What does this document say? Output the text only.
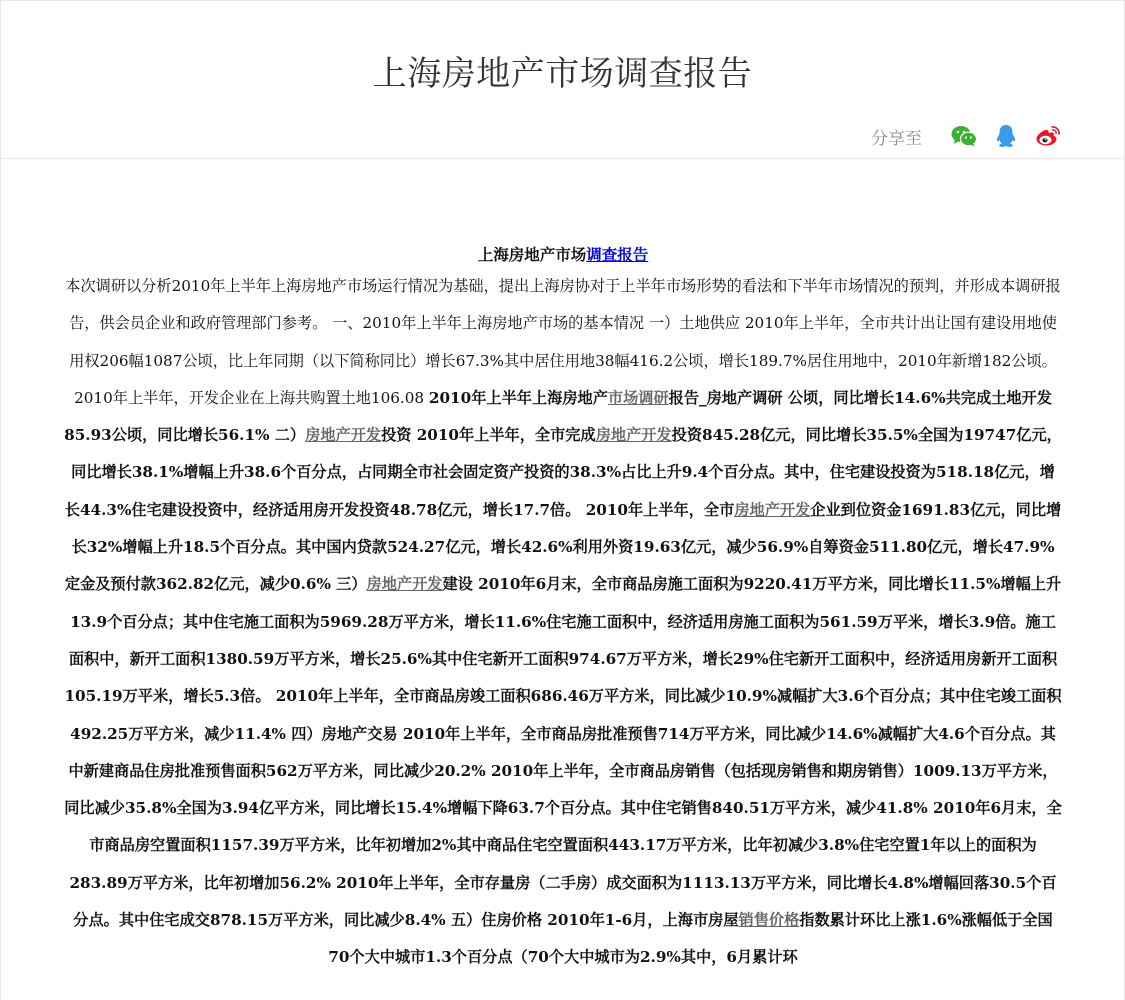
上海房地产市场调查报告
分享至

上海房地产市场调查报告

本次调研以分析2010年上半年上海房地产市场运行情况为基础，提出上海房协对于上半年市场形势的看法和下半年市场情况的预判，并形成本调研报告，供会员企业和政府管理部门参考。 一、2010年上半年上海房地产市场的基本情况 一）土地供应 2010年上半年，全市共计出让国有建设用地使用权206幅1087公顷，比上年同期（以下简称同比）增长67.3%其中居住用地38幅416.2公顷，增长189.7%居住用地中，2010年新增182公顷。 2010年上半年，开发企业在上海共购置土地106.08 2010年上半年上海房地产市场调研报告_房地产调研 公顷，同比增长14.6%共完成土地开发85.93公顷，同比增长56.1% 二）房地产开发投资 2010年上半年，全市完成房地产开发投资845.28亿元，同比增长35.5%全国为19747亿元，同比增长38.1%增幅上升38.6个百分点，占同期全市社会固定资产投资的38.3%占比上升9.4个百分点。其中，住宅建设投资为518.18亿元，增长44.3%住宅建设投资中，经济适用房开发投资48.78亿元，增长17.7倍。 2010年上半年，全市房地产开发企业到位资金1691.83亿元，同比增长32%增幅上升18.5个百分点。其中国内贷款524.27亿元，增长42.6%利用外资19.63亿元，减少56.9%自筹资金511.80亿元，增长47.9%定金及预付款362.82亿元，减少0.6% 三）房地产开发建设 2010年6月末，全市商品房施工面积为9220.41万平方米，同比增长11.5%增幅上升13.9个百分点；其中住宅施工面积为5969.28万平方米，增长11.6%住宅施工面积中，经济适用房施工面积为561.59万平米，增长3.9倍。施工面积中，新开工面积1380.59万平方米，增长25.6%其中住宅新开工面积974.67万平方米，增长29%住宅新开工面积中，经济适用房新开工面积105.19万平米，增长5.3倍。 2010年上半年，全市商品房竣工面积686.46万平方米，同比减少10.9%减幅扩大3.6个百分点；其中住宅竣工面积492.25万平方米，减少11.4% 四）房地产交易 2010年上半年，全市商品房批准预售714万平方米，同比减少14.6%减幅扩大4.6个百分点。其中新建商品住房批准预售面积562万平方米，同比减少20.2% 2010年上半年，全市商品房销售（包括现房销售和期房销售）1009.13万平方米，同比减少35.8%全国为3.94亿平方米，同比增长15.4%增幅下降63.7个百分点。其中住宅销售840.51万平方米，减少41.8% 2010年6月末，全市商品房空置面积1157.39万平方米，比年初增加2%其中商品住宅空置面积443.17万平方米，比年初减少3.8%住宅空置1年以上的面积为283.89万平方米，比年初增加56.2% 2010年上半年，全市存量房（二手房）成交面积为1113.13万平方米，同比增长4.8%增幅回落30.5个百分点。其中住宅成交878.15万平方米，同比减少8.4% 五）住房价格 2010年1-6月，上海市房屋销售价格指数累计环比上涨1.6%涨幅低于全国70个大中城市1.3个百分点（70个大中城市为2.9%其中，6月累计环
